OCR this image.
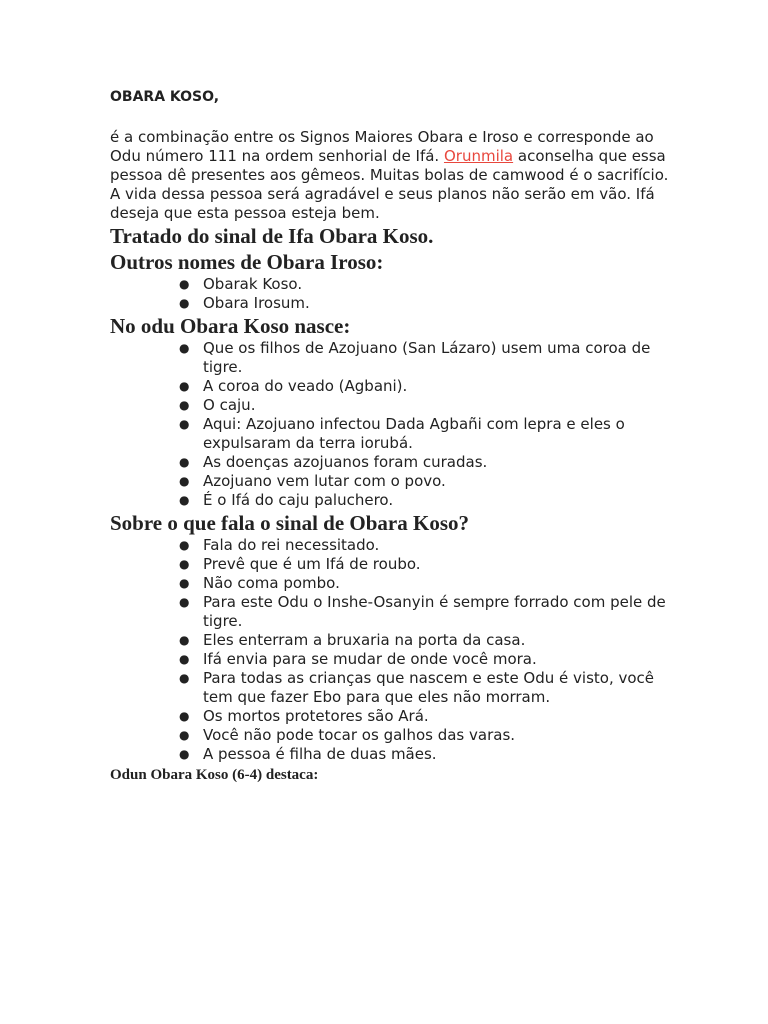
OBARA KOSO,

é a combinação entre os Signos Maiores Obara e Iroso e corresponde ao Odu número 111 na ordem senhorial de Ifá. Orunmila aconselha que essa pessoa dê presentes aos gêmeos. Muitas bolas de camwood é o sacrifício. A vida dessa pessoa será agradável e seus planos não serão em vão. Ifá deseja que esta pessoa esteja bem.

Tratado do sinal de Ifa Obara Koso.
Outros nomes de Obara Iroso:
● Obarak Koso.
● Obara Irosum.
No odu Obara Koso nasce:
● Que os filhos de Azojuano (San Lázaro) usem uma coroa de tigre.
● A coroa do veado (Agbani).
● O caju.
● Aqui: Azojuano infectou Dada Agbañi com lepra e eles o expulsaram da terra iorubá.
● As doenças azojuanos foram curadas.
● Azojuano vem lutar com o povo.
● É o Ifá do caju paluchero.
Sobre o que fala o sinal de Obara Koso?
● Fala do rei necessitado.
● Prevê que é um Ifá de roubo.
● Não coma pombo.
● Para este Odu o Inshe-Osanyin é sempre forrado com pele de tigre.
● Eles enterram a bruxaria na porta da casa.
● Ifá envia para se mudar de onde você mora.
● Para todas as crianças que nascem e este Odu é visto, você tem que fazer Ebo para que eles não morram.
● Os mortos protetores são Ará.
● Você não pode tocar os galhos das varas.
● A pessoa é filha de duas mães.

Odun Obara Koso (6-4) destaca:
